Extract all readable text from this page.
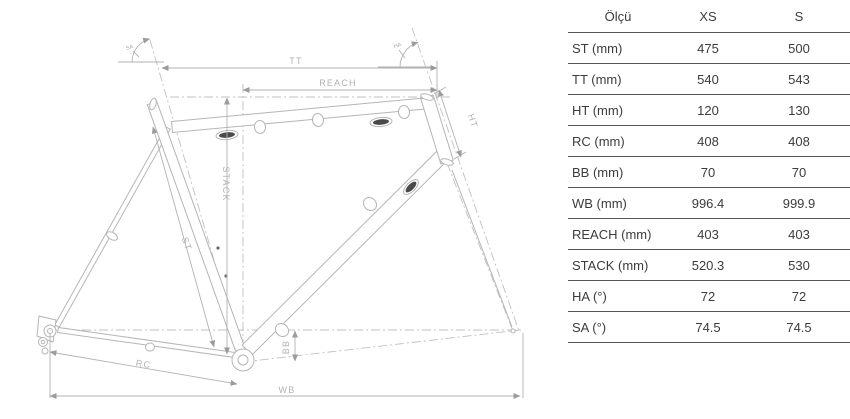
TT
REACH
STACK
HT
ST
RC
BB
WB
SA	HA
Ölçü	XS	S
ST (mm)	475	500
TT (mm)	540	543
HT (mm)	120	130
RC (mm)	408	408
BB (mm)	70	70
WB (mm)	996.4	999.9
REACH (mm)	403	403
STACK (mm)	520.3	530
HA (°)	72	72
SA (°)	74.5	74.5
